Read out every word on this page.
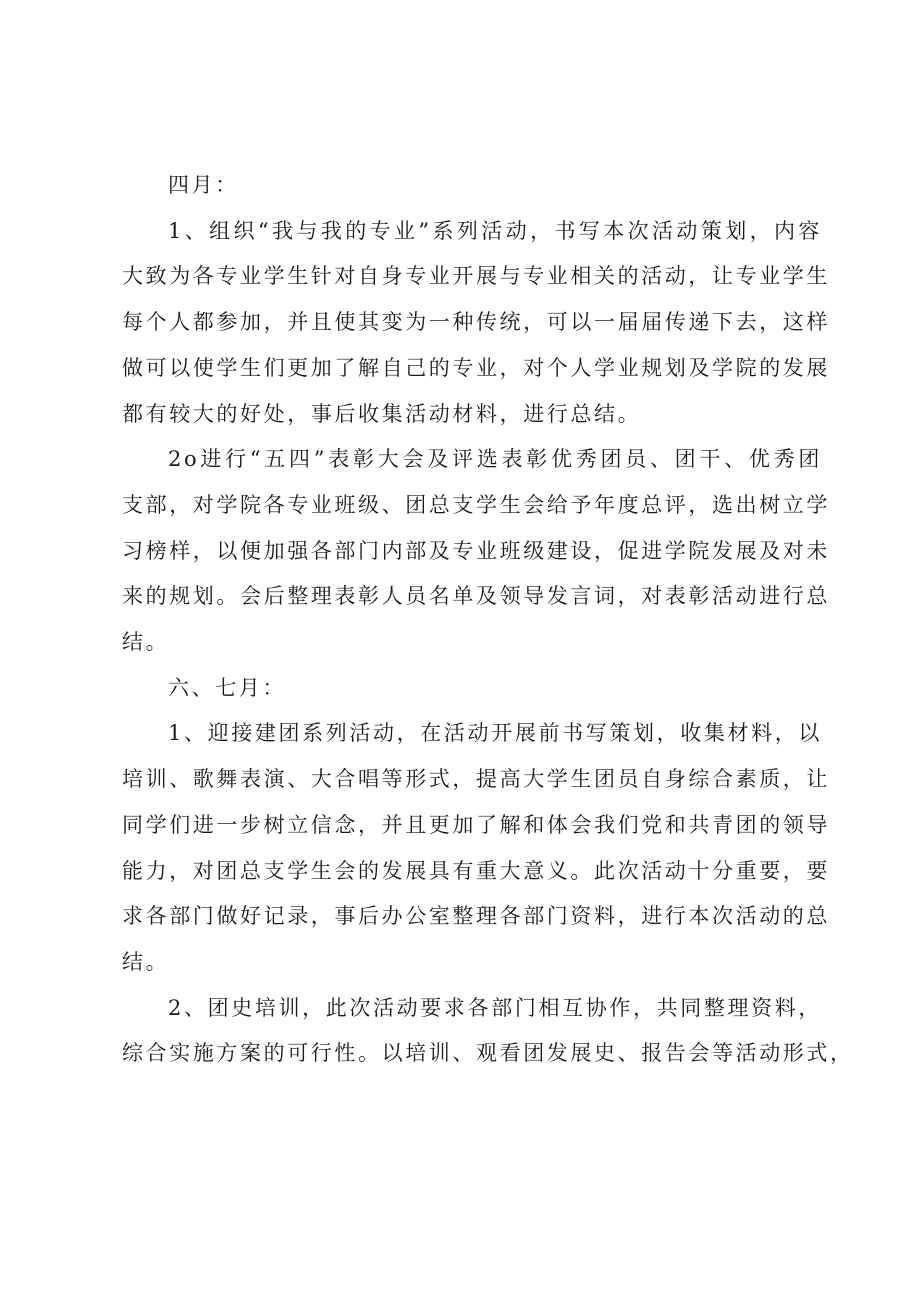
四月：
1、组织“我与我的专业”系列活动，书写本次活动策划，内容
大致为各专业学生针对自身专业开展与专业相关的活动，让专业学生
每个人都参加，并且使其变为一种传统，可以一届届传递下去，这样
做可以使学生们更加了解自己的专业，对个人学业规划及学院的发展
都有较大的好处，事后收集活动材料，进行总结。
2o进行“五四”表彰大会及评选表彰优秀团员、团干、优秀团
支部，对学院各专业班级、团总支学生会给予年度总评，选出树立学
习榜样，以便加强各部门内部及专业班级建设，促进学院发展及对未
来的规划。会后整理表彰人员名单及领导发言词，对表彰活动进行总
结。
六、七月：
1、迎接建团系列活动，在活动开展前书写策划，收集材料，以
培训、歌舞表演、大合唱等形式，提高大学生团员自身综合素质，让
同学们进一步树立信念，并且更加了解和体会我们党和共青团的领导
能力，对团总支学生会的发展具有重大意义。此次活动十分重要，要
求各部门做好记录，事后办公室整理各部门资料，进行本次活动的总
结。
2、团史培训，此次活动要求各部门相互协作，共同整理资料，
综合实施方案的可行性。以培训、观看团发展史、报告会等活动形式，
